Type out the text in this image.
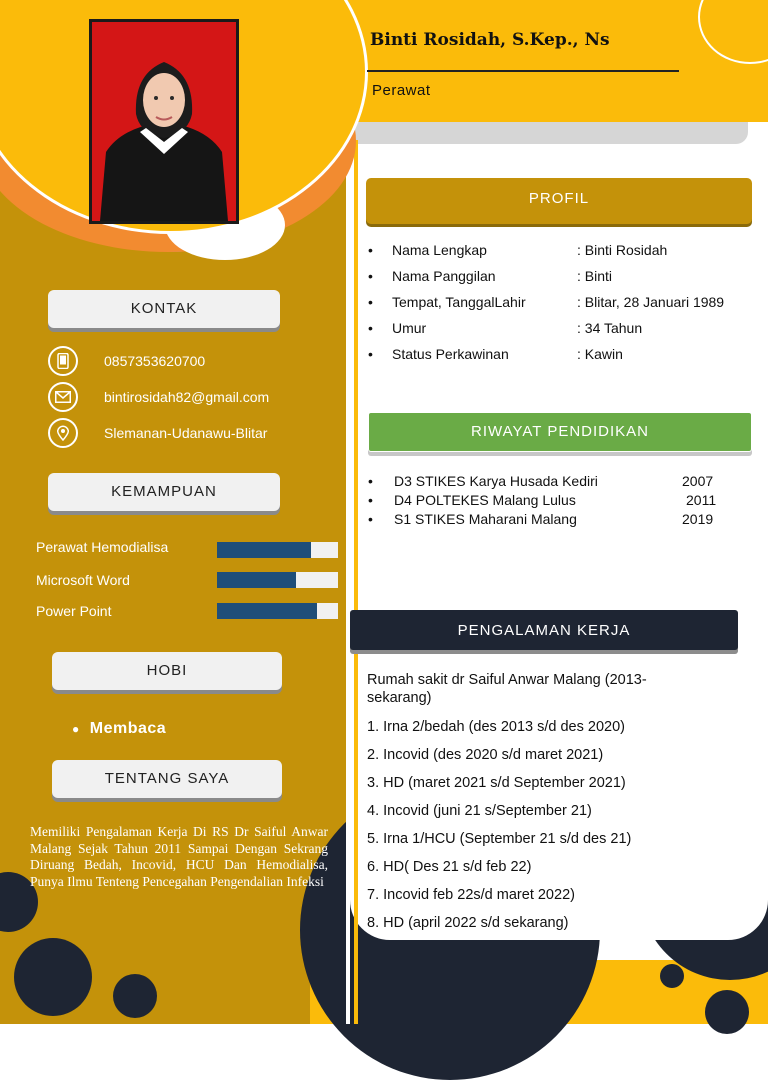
Binti Rosidah, S.Kep., Ns
Perawat
KONTAK
0857353620700
bintirosidah82@gmail.com
Slemanan-Udanawu-Blitar
KEMAMPUAN
Perawat Hemodialisa
Microsoft Word
Power Point
HOBI
● Membaca
TENTANG SAYA
Memiliki Pengalaman Kerja Di RS Dr Saiful Anwar Malang Sejak Tahun 2011 Sampai Dengan Sekrang Diruang Bedah, Incovid, HCU Dan Hemodialisa, Punya Ilmu Tenteng Pencegahan Pengendalian Infeksi
PROFIL
• Nama Lengkap	: Binti Rosidah
• Nama Panggilan	: Binti
• Tempat, TanggalLahir	: Blitar, 28 Januari 1989
• Umur	: 34 Tahun
• Status Perkawinan	: Kawin
RIWAYAT PENDIDIKAN
• D3 STIKES Karya Husada Kediri	2007
• D4 POLTEKES Malang Lulus	2011
• S1 STIKES Maharani Malang	2019
PENGALAMAN KERJA
Rumah sakit dr Saiful Anwar Malang (2013-sekarang)
1. Irna 2/bedah (des 2013 s/d des 2020)
2. Incovid (des 2020 s/d maret 2021)
3. HD (maret 2021 s/d September 2021)
4. Incovid (juni 21 s/September 21)
5. Irna 1/HCU (September 21 s/d des 21)
6. HD( Des 21 s/d feb 22)
7. Incovid feb 22s/d maret 2022)
8. HD (april 2022 s/d sekarang)
